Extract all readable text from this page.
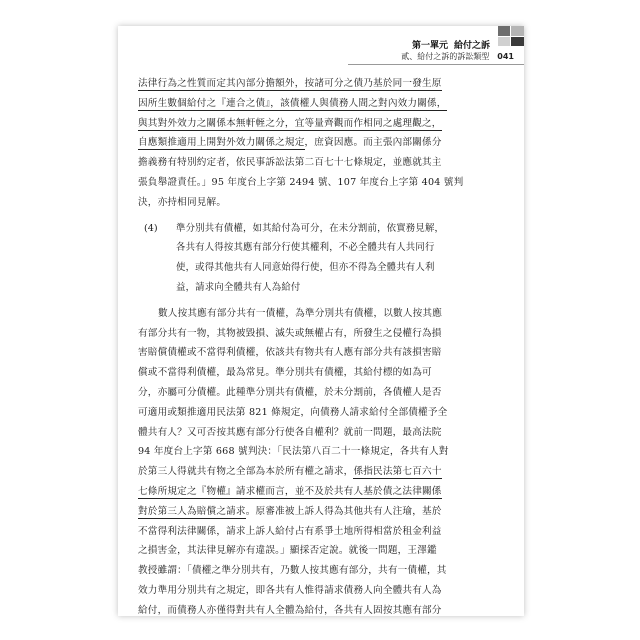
第一單元 給付之訴
貳、給付之訴的訴訟類型 041

法律行為之性質而定其內部分擔額外，按諸可分之債乃基於同一發生原

因所生數個給付之『連合之債』，該債權人與債務人間之對內效力關係，

與其對外效力之關係本無軒輊之分，宜等量齊觀而作相同之處理觀之，

自應類推適用上開對外效力關係之規定，庶資因應。而主張內部關係分

擔義務有特別約定者，依民事訴訟法第二百七十七條規定，並應就其主

張負舉證責任。」95 年度台上字第 2494 號、107 年度台上字第 404 號判

決，亦持相同見解。

(4) 準分別共有債權，如其給付為可分，在未分割前，依實務見解，

各共有人得按其應有部分行使其權利，不必全體共有人共同行

使，或得其他共有人同意始得行使，但亦不得為全體共有人利

益，請求向全體共有人為給付

數人按其應有部分共有一債權，為準分別共有債權，以數人按其應

有部分共有一物，其物被毀損、滅失或無權占有，所發生之侵權行為損

害賠償債權或不當得利債權，依該共有物共有人應有部分共有該損害賠

償或不當得利債權，最為常見。準分別共有債權，其給付標的如為可

分，亦屬可分債權。此種準分別共有債權，於未分割前，各債權人是否

可適用或類推適用民法第 821 條規定，向債務人請求給付全部債權予全

體共有人？又可否按其應有部分行使各自權利？就前一問題，最高法院

94 年度台上字第 668 號判決：「民法第八百二十一條規定，各共有人對

於第三人得就共有物之全部為本於所有權之請求，係指民法第七百六十

七條所規定之『物權』請求權而言，並不及於共有人基於債之法律關係

對於第三人為賠償之請求。原審准被上訴人得為其他共有人注瑜，基於

不當得利法律關係，請求上訴人給付占有系爭土地所得相當於租金利益

之損害金，其法律見解亦有違誤。」顯採否定說。就後一問題，王澤鑑

教授雖謂：「債權之準分別共有，乃數人按其應有部分，共有一債權，其

效力準用分別共有之規定，即各共有人惟得請求債務人向全體共有人為

給付，而債務人亦僅得對共有人全體為給付，各共有人固按其應有部分
